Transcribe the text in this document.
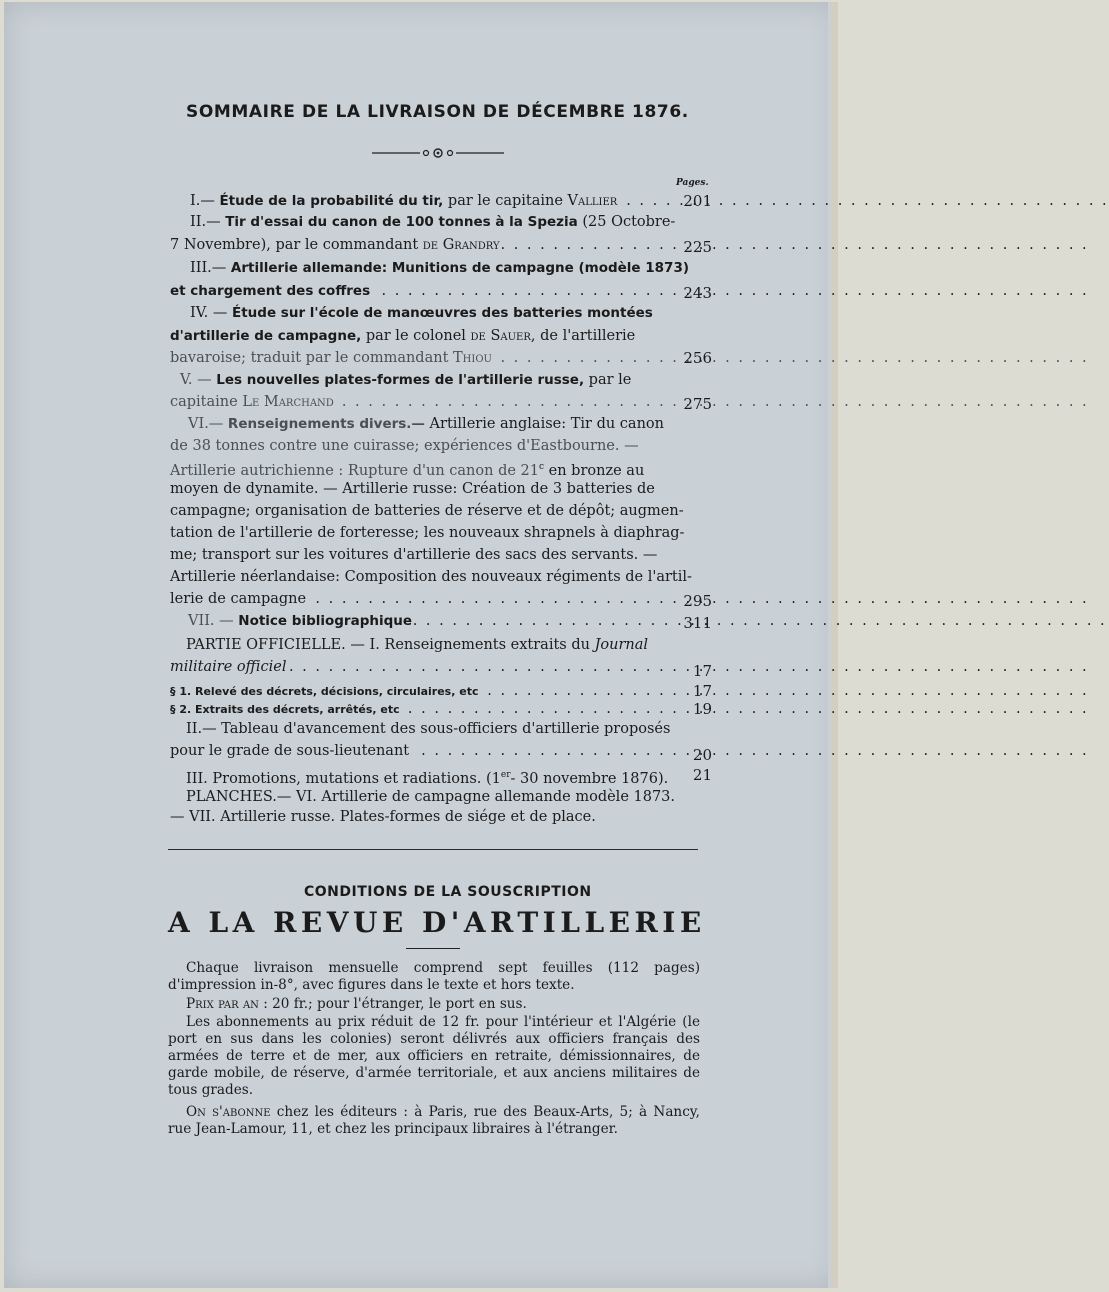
SOMMAIRE DE LA LIVRAISON DE DÉCEMBRE 1876.
Pages.
I.— Étude de la probabilité du tir, par le capitaine Vallier . . .	201
II.— Tir d'essai du canon de 100 tonnes à la Spezia (25 Octobre-
7 Novembre), par le commandant de Grandry . . .	225
III.— Artillerie allemande: Munitions de campagne (modèle 1873)
et chargement des coffres . . .	243
IV. — Étude sur l'école de manœuvres des batteries montées
d'artillerie de campagne, par le colonel de Sauer, de l'artillerie
bavaroise; traduit par le commandant Thiou . . .	256
V. — Les nouvelles plates-formes de l'artillerie russe, par le
capitaine Le Marchand . . .	275
VI.— Renseignements divers.— Artillerie anglaise: Tir du canon
de 38 tonnes contre une cuirasse; expériences d'Eastbourne. —
Artillerie autrichienne : Rupture d'un canon de 21$^c$ en bronze au
moyen de dynamite. — Artillerie russe: Création de 3 batteries de
campagne; organisation de batteries de réserve et de dépôt; augmen-
tation de l'artillerie de forteresse; les nouveaux shrapnels à diaphrag-
me; transport sur les voitures d'artillerie des sacs des servants. —
Artillerie néerlandaise: Composition des nouveaux régiments de l'artil-
lerie de campagne . . .	295
VII. — Notice bibliographique . . .	311
PARTIE OFFICIELLE. — I. Renseignements extraits du Journal
militaire officiel . . .	17
§ 1. Relevé des décrets, décisions, circulaires, etc . . .	17
§ 2. Extraits des décrets, arrêtés, etc . . .	19
II.— Tableau d'avancement des sous-officiers d'artillerie proposés
pour le grade de sous-lieutenant . . .	20
III. Promotions, mutations et radiations. (1er- 30 novembre 1876).	21
PLANCHES.— VI. Artillerie de campagne allemande modèle 1873.
— VII. Artillerie russe. Plates-formes de siége et de place.
CONDITIONS DE LA SOUSCRIPTION
A LA REVUE D'ARTILLERIE
Chaque livraison mensuelle comprend sept feuilles (112 pages) d'impression in-8°, avec figures dans le texte et hors texte.
Prix par an : 20 fr.; pour l'étranger, le port en sus.
Les abonnements au prix réduit de 12 fr. pour l'intérieur et l'Algérie (le port en sus dans les colonies) seront délivrés aux officiers français des armées de terre et de mer, aux officiers en retraite, démissionnaires, de garde mobile, de réserve, d'armée territoriale, et aux anciens militaires de tous grades.
On s'abonne chez les éditeurs : à Paris, rue des Beaux-Arts, 5; à Nancy, rue Jean-Lamour, 11, et chez les principaux libraires à l'étranger.
